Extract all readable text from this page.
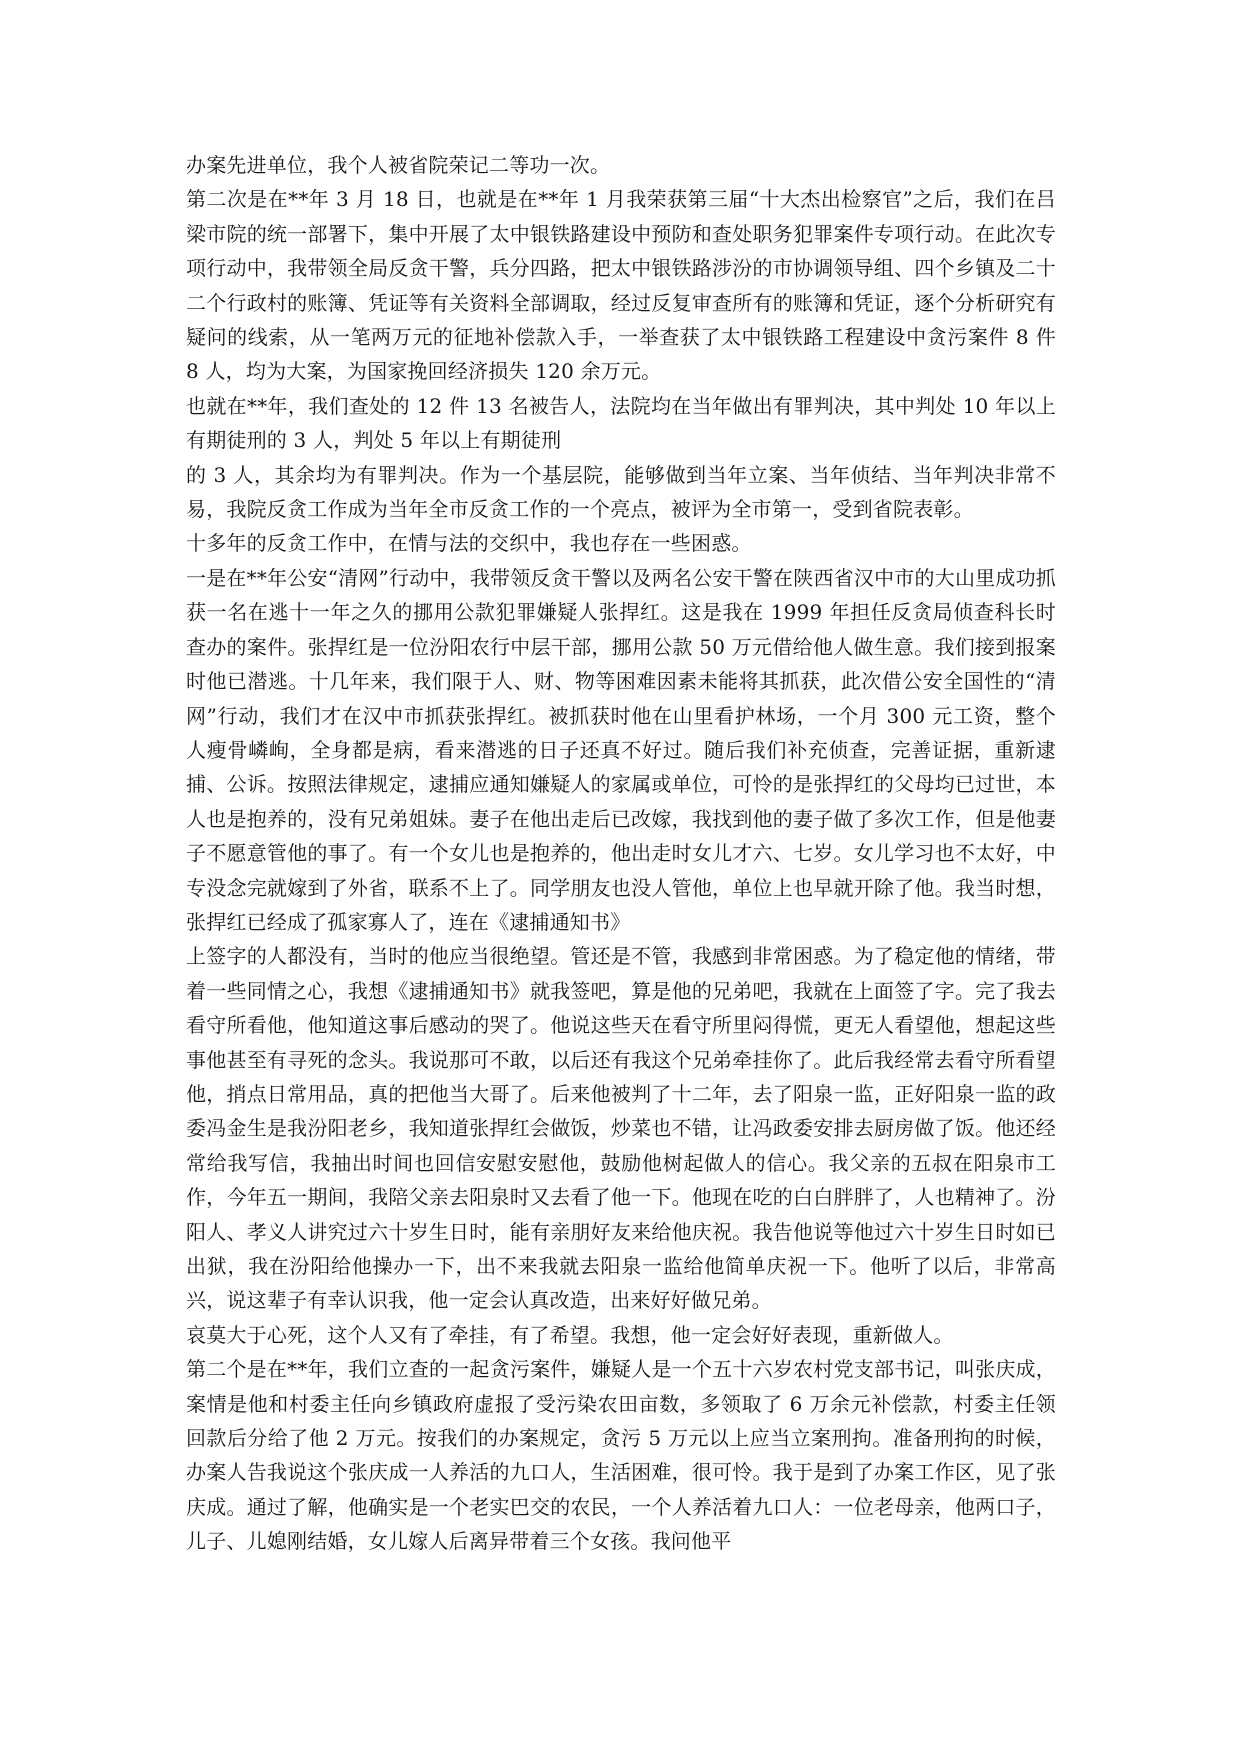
办案先进单位，我个人被省院荣记二等功一次。

第二次是在**年 3 月 18 日，也就是在**年 1 月我荣获第三届“十大杰出检察官”之后，我们在吕梁市院的统一部署下，集中开展了太中银铁路建设中预防和查处职务犯罪案件专项行动。在此次专项行动中，我带领全局反贪干警，兵分四路，把太中银铁路涉汾的市协调领导组、四个乡镇及二十二个行政村的账簿、凭证等有关资料全部调取，经过反复审查所有的账簿和凭证，逐个分析研究有疑问的线索，从一笔两万元的征地补偿款入手，一举查获了太中银铁路工程建设中贪污案件 8 件 8 人，均为大案，为国家挽回经济损失 120 余万元。

也就在**年，我们查处的 12 件 13 名被告人，法院均在当年做出有罪判决，其中判处 10 年以上有期徒刑的 3 人，判处 5 年以上有期徒刑

的 3 人，其余均为有罪判决。作为一个基层院，能够做到当年立案、当年侦结、当年判决非常不易，我院反贪工作成为当年全市反贪工作的一个亮点，被评为全市第一，受到省院表彰。

十多年的反贪工作中，在情与法的交织中，我也存在一些困惑。

一是在**年公安“清网”行动中，我带领反贪干警以及两名公安干警在陕西省汉中市的大山里成功抓获一名在逃十一年之久的挪用公款犯罪嫌疑人张捍红。这是我在 1999 年担任反贪局侦查科长时查办的案件。张捍红是一位汾阳农行中层干部，挪用公款 50 万元借给他人做生意。我们接到报案时他已潜逃。十几年来，我们限于人、财、物等困难因素未能将其抓获，此次借公安全国性的“清网”行动，我们才在汉中市抓获张捍红。被抓获时他在山里看护林场，一个月 300 元工资，整个人瘦骨嶙峋，全身都是病，看来潜逃的日子还真不好过。随后我们补充侦查，完善证据，重新逮捕、公诉。按照法律规定，逮捕应通知嫌疑人的家属或单位，可怜的是张捍红的父母均已过世，本人也是抱养的，没有兄弟姐妹。妻子在他出走后已改嫁，我找到他的妻子做了多次工作，但是他妻子不愿意管他的事了。有一个女儿也是抱养的，他出走时女儿才六、七岁。女儿学习也不太好，中专没念完就嫁到了外省，联系不上了。同学朋友也没人管他，单位上也早就开除了他。我当时想，张捍红已经成了孤家寡人了，连在《逮捕通知书》

上签字的人都没有，当时的他应当很绝望。管还是不管，我感到非常困惑。为了稳定他的情绪，带着一些同情之心，我想《逮捕通知书》就我签吧，算是他的兄弟吧，我就在上面签了字。完了我去看守所看他，他知道这事后感动的哭了。他说这些天在看守所里闷得慌，更无人看望他，想起这些事他甚至有寻死的念头。我说那可不敢，以后还有我这个兄弟牵挂你了。此后我经常去看守所看望他，捎点日常用品，真的把他当大哥了。后来他被判了十二年，去了阳泉一监，正好阳泉一监的政委冯金生是我汾阳老乡，我知道张捍红会做饭，炒菜也不错，让冯政委安排去厨房做了饭。他还经常给我写信，我抽出时间也回信安慰安慰他，鼓励他树起做人的信心。我父亲的五叔在阳泉市工作，今年五一期间，我陪父亲去阳泉时又去看了他一下。他现在吃的白白胖胖了，人也精神了。汾阳人、孝义人讲究过六十岁生日时，能有亲朋好友来给他庆祝。我告他说等他过六十岁生日时如已出狱，我在汾阳给他操办一下，出不来我就去阳泉一监给他简单庆祝一下。他听了以后，非常高兴，说这辈子有幸认识我，他一定会认真改造，出来好好做兄弟。

哀莫大于心死，这个人又有了牵挂，有了希望。我想，他一定会好好表现，重新做人。

第二个是在**年，我们立查的一起贪污案件，嫌疑人是一个五十六岁农村党支部书记，叫张庆成，案情是他和村委主任向乡镇政府虚报了受污染农田亩数，多领取了 6 万余元补偿款，村委主任领回款后分给了他 2 万元。按我们的办案规定，贪污 5 万元以上应当立案刑拘。准备刑拘的时候，办案人告我说这个张庆成一人养活的九口人，生活困难，很可怜。我于是到了办案工作区，见了张庆成。通过了解，他确实是一个老实巴交的农民，一个人养活着九口人：一位老母亲，他两口子，儿子、儿媳刚结婚，女儿嫁人后离异带着三个女孩。我问他平
